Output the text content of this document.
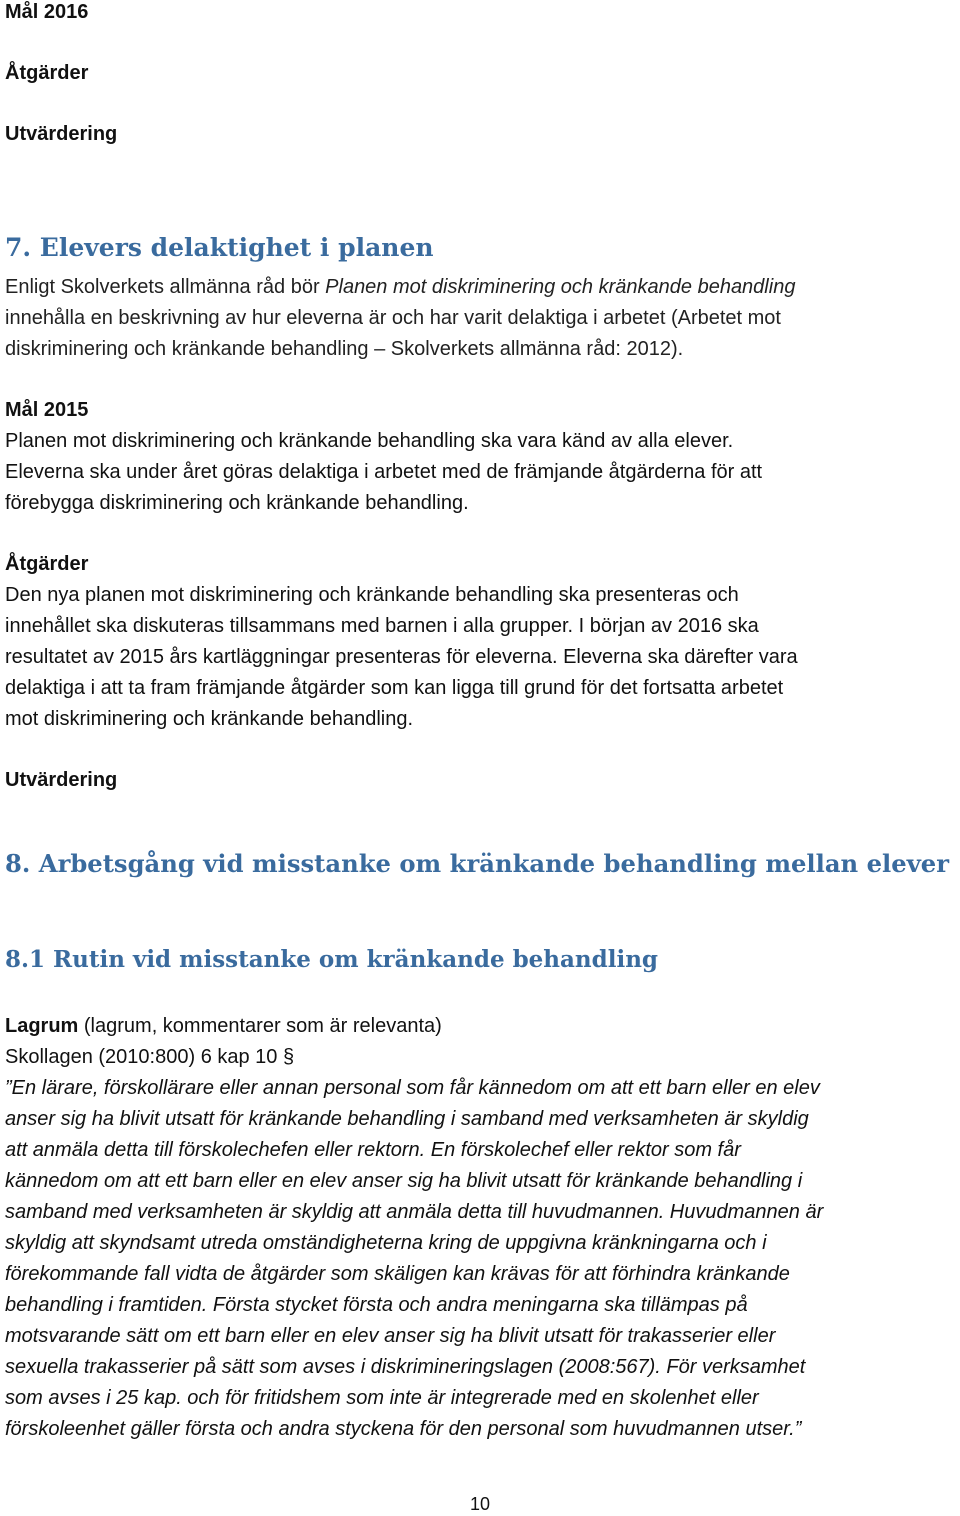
Mål 2016
Åtgärder
Utvärdering
7. Elevers delaktighet i planen
Enligt Skolverkets allmänna råd bör Planen mot diskriminering och kränkande behandling
innehålla en beskrivning av hur eleverna är och har varit delaktiga i arbetet (Arbetet mot
diskriminering och kränkande behandling – Skolverkets allmänna råd: 2012).
Mål 2015
Planen mot diskriminering och kränkande behandling ska vara känd av alla elever.
Eleverna ska under året göras delaktiga i arbetet med de främjande åtgärderna för att
förebygga diskriminering och kränkande behandling.
Åtgärder
Den nya planen mot diskriminering och kränkande behandling ska presenteras och
innehållet ska diskuteras tillsammans med barnen i alla grupper. I början av 2016 ska
resultatet av 2015 års kartläggningar presenteras för eleverna. Eleverna ska därefter vara
delaktiga i att ta fram främjande åtgärder som kan ligga till grund för det fortsatta arbetet
mot diskriminering och kränkande behandling.
Utvärdering
8. Arbetsgång vid misstanke om kränkande behandling mellan elever
8.1 Rutin vid misstanke om kränkande behandling
Lagrum (lagrum, kommentarer som är relevanta)
Skollagen (2010:800) 6 kap 10 §
”En lärare, förskollärare eller annan personal som får kännedom om att ett barn eller en elev
anser sig ha blivit utsatt för kränkande behandling i samband med verksamheten är skyldig
att anmäla detta till förskolechefen eller rektorn. En förskolechef eller rektor som får
kännedom om att ett barn eller en elev anser sig ha blivit utsatt för kränkande behandling i
samband med verksamheten är skyldig att anmäla detta till huvudmannen. Huvudmannen är
skyldig att skyndsamt utreda omständigheterna kring de uppgivna kränkningarna och i
förekommande fall vidta de åtgärder som skäligen kan krävas för att förhindra kränkande
behandling i framtiden. Första stycket första och andra meningarna ska tillämpas på
motsvarande sätt om ett barn eller en elev anser sig ha blivit utsatt för trakasserier eller
sexuella trakasserier på sätt som avses i diskrimineringslagen (2008:567). För verksamhet
som avses i 25 kap. och för fritidshem som inte är integrerade med en skolenhet eller
förskoleenhet gäller första och andra styckena för den personal som huvudmannen utser.”
10
